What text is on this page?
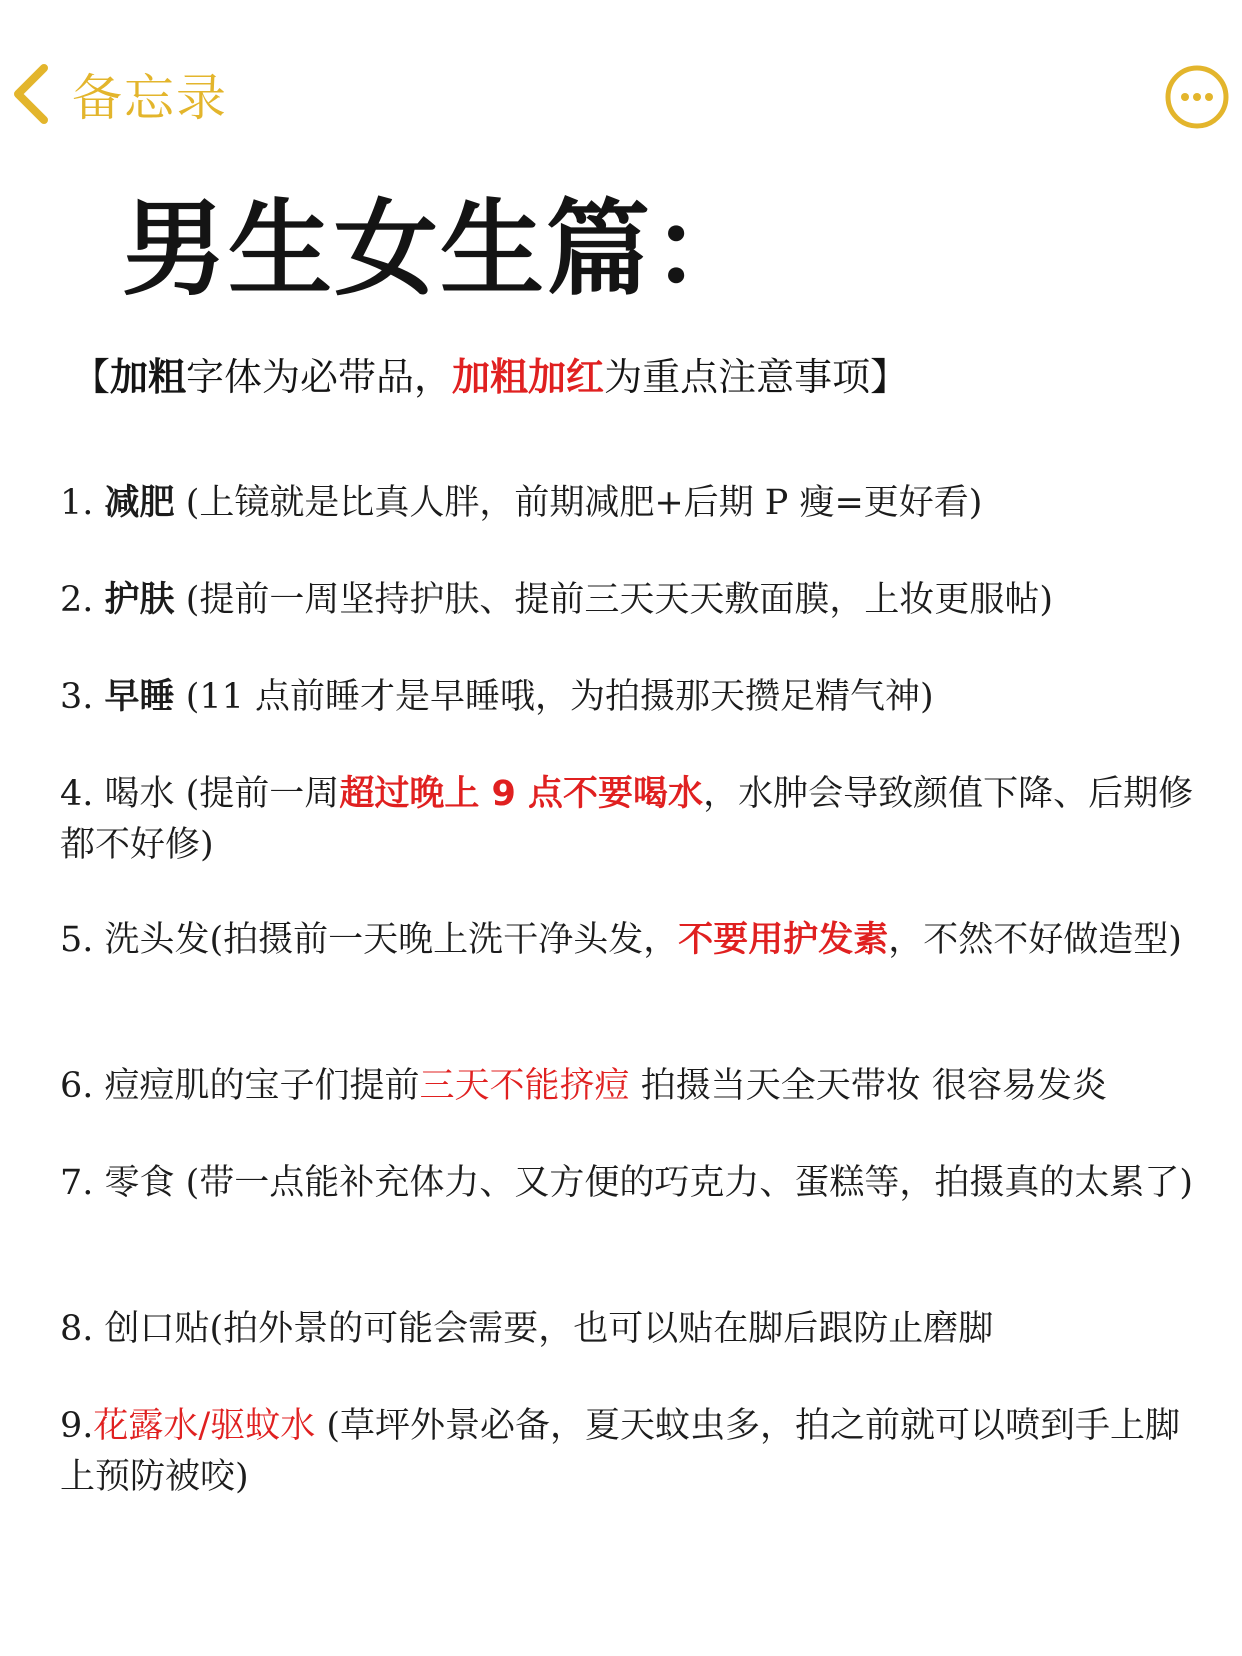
备忘录
男生女生篇：
【加粗字体为必带品，加粗加红为重点注意事项】
1. 减肥 (上镜就是比真人胖，前期减肥+后期 P 瘦=更好看)
2. 护肤 (提前一周坚持护肤、提前三天天天敷面膜，上妆更服帖)
3. 早睡 (11 点前睡才是早睡哦，为拍摄那天攒足精气神)
4. 喝水 (提前一周超过晚上 9 点不要喝水，水肿会导致颜值下降、后期修都不好修)
5. 洗头发(拍摄前一天晚上洗干净头发，不要用护发素，不然不好做造型)
6. 痘痘肌的宝子们提前三天不能挤痘 拍摄当天全天带妆 很容易发炎
7. 零食 (带一点能补充体力、又方便的巧克力、蛋糕等，拍摄真的太累了)
8. 创口贴(拍外景的可能会需要，也可以贴在脚后跟防止磨脚
9.花露水/驱蚊水 (草坪外景必备，夏天蚊虫多，拍之前就可以喷到手上脚上预防被咬)
